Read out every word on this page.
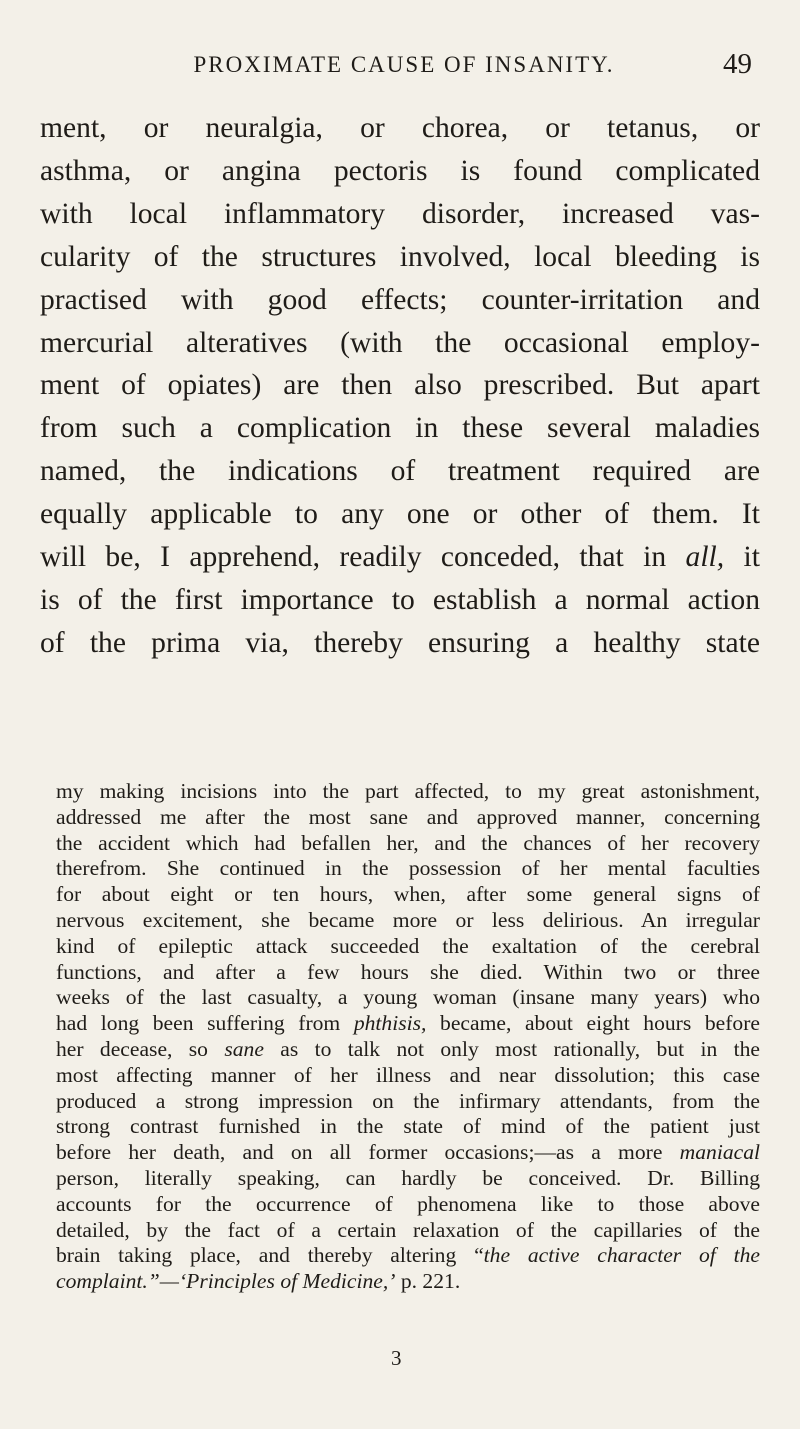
PROXIMATE CAUSE OF INSANITY.	49
ment, or neuralgia, or chorea, or tetanus, or
asthma, or angina pectoris is found complicated
with local inflammatory disorder, increased vas-
cularity of the structures involved, local bleeding is
practised with good effects; counter-irritation and
mercurial alteratives (with the occasional employ-
ment of opiates) are then also prescribed. But apart
from such a complication in these several maladies
named, the indications of treatment required are
equally applicable to any one or other of them. It
will be, I apprehend, readily conceded, that in all, it
is of the first importance to establish a normal action
of the prima via, thereby ensuring a healthy state
my making incisions into the part affected, to my great astonishment,
addressed me after the most sane and approved manner, concerning
the accident which had befallen her, and the chances of her recovery
therefrom. She continued in the possession of her mental faculties
for about eight or ten hours, when, after some general signs of
nervous excitement, she became more or less delirious. An irregular
kind of epileptic attack succeeded the exaltation of the cerebral
functions, and after a few hours she died. Within two or three
weeks of the last casualty, a young woman (insane many years) who
had long been suffering from phthisis, became, about eight hours before
her decease, so sane as to talk not only most rationally, but in the
most affecting manner of her illness and near dissolution; this case
produced a strong impression on the infirmary attendants, from the
strong contrast furnished in the state of mind of the patient just
before her death, and on all former occasions;—as a more maniacal
person, literally speaking, can hardly be conceived. Dr. Billing
accounts for the occurrence of phenomena like to those above
detailed, by the fact of a certain relaxation of the capillaries of the
brain taking place, and thereby altering “the active character of the
complaint.”—‘Principles of Medicine,’ p. 221.
3
